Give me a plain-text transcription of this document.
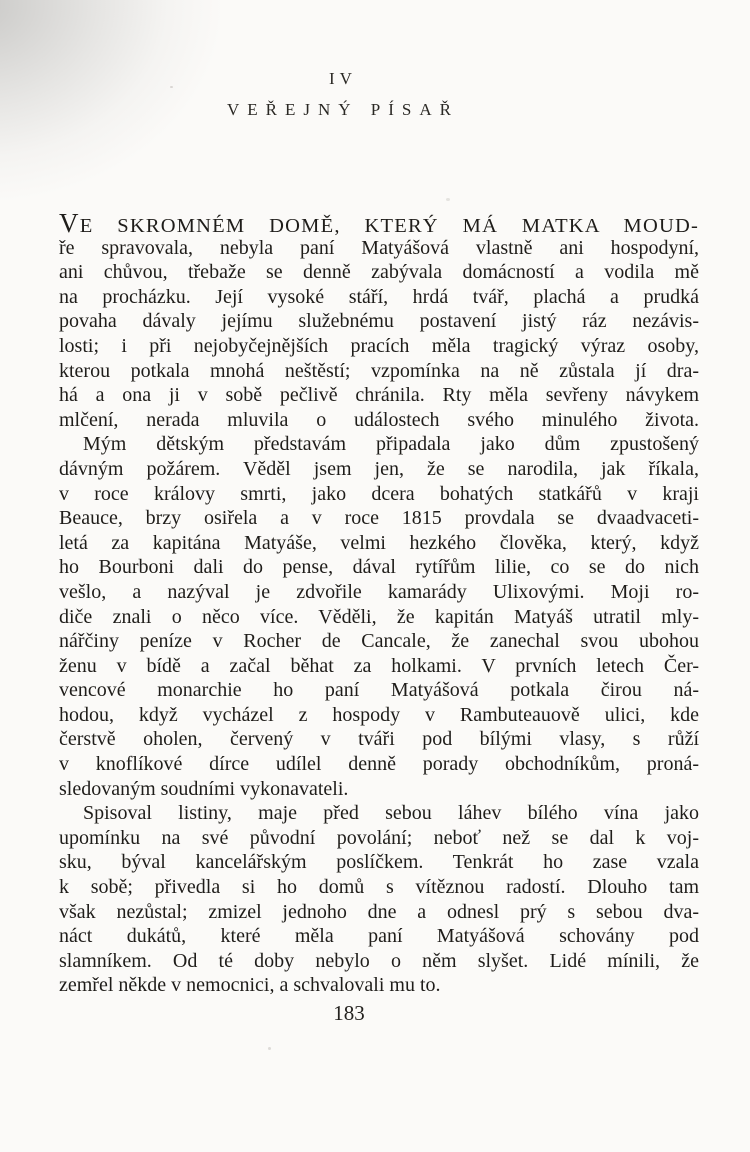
IV
VEŘEJNÝ PÍSAŘ
VE SKROMNÉM DOMĚ, KTERÝ MÁ MATKA MOUD-
ře spravovala, nebyla paní Matyášová vlastně ani hospodyní,
ani chůvou, třebaže se denně zabývala domácností a vodila mě
na procházku. Její vysoké stáří, hrdá tvář, plachá a prudká
povaha dávaly jejímu služebnému postavení jistý ráz nezávis-
losti; i při nejobyčejnějších pracích měla tragický výraz osoby,
kterou potkala mnohá neštěstí; vzpomínka na ně zůstala jí dra-
há a ona ji v sobě pečlivě chránila. Rty měla sevřeny návykem
mlčení, nerada mluvila o událostech svého minulého života.
Mým dětským představám připadala jako dům zpustošený
dávným požárem. Věděl jsem jen, že se narodila, jak říkala,
v roce královy smrti, jako dcera bohatých statkářů v kraji
Beauce, brzy osiřela a v roce 1815 provdala se dvaadvaceti-
letá za kapitána Matyáše, velmi hezkého člověka, který, když
ho Bourboni dali do pense, dával rytířům lilie, co se do nich
vešlo, a nazýval je zdvořile kamarády Ulixovými. Moji ro-
diče znali o něco více. Věděli, že kapitán Matyáš utratil mly-
nářčiny peníze v Rocher de Cancale, že zanechal svou ubohou
ženu v bídě a začal běhat za holkami. V prvních letech Čer-
vencové monarchie ho paní Matyášová potkala čirou ná-
hodou, když vycházel z hospody v Rambuteauově ulici, kde
čerstvě oholen, červený v tváři pod bílými vlasy, s růží
v knoflíkové dírce udílel denně porady obchodníkům, proná-
sledovaným soudními vykonavateli.
Spisoval listiny, maje před sebou láhev bílého vína jako
upomínku na své původní povolání; neboť než se dal k voj-
sku, býval kancelářským poslíčkem. Tenkrát ho zase vzala
k sobě; přivedla si ho domů s vítěznou radostí. Dlouho tam
však nezůstal; zmizel jednoho dne a odnesl prý s sebou dva-
náct dukátů, které měla paní Matyášová schovány pod
slamníkem. Od té doby nebylo o něm slyšet. Lidé mínili, že
zemřel někde v nemocnici, a schvalovali mu to.
183
